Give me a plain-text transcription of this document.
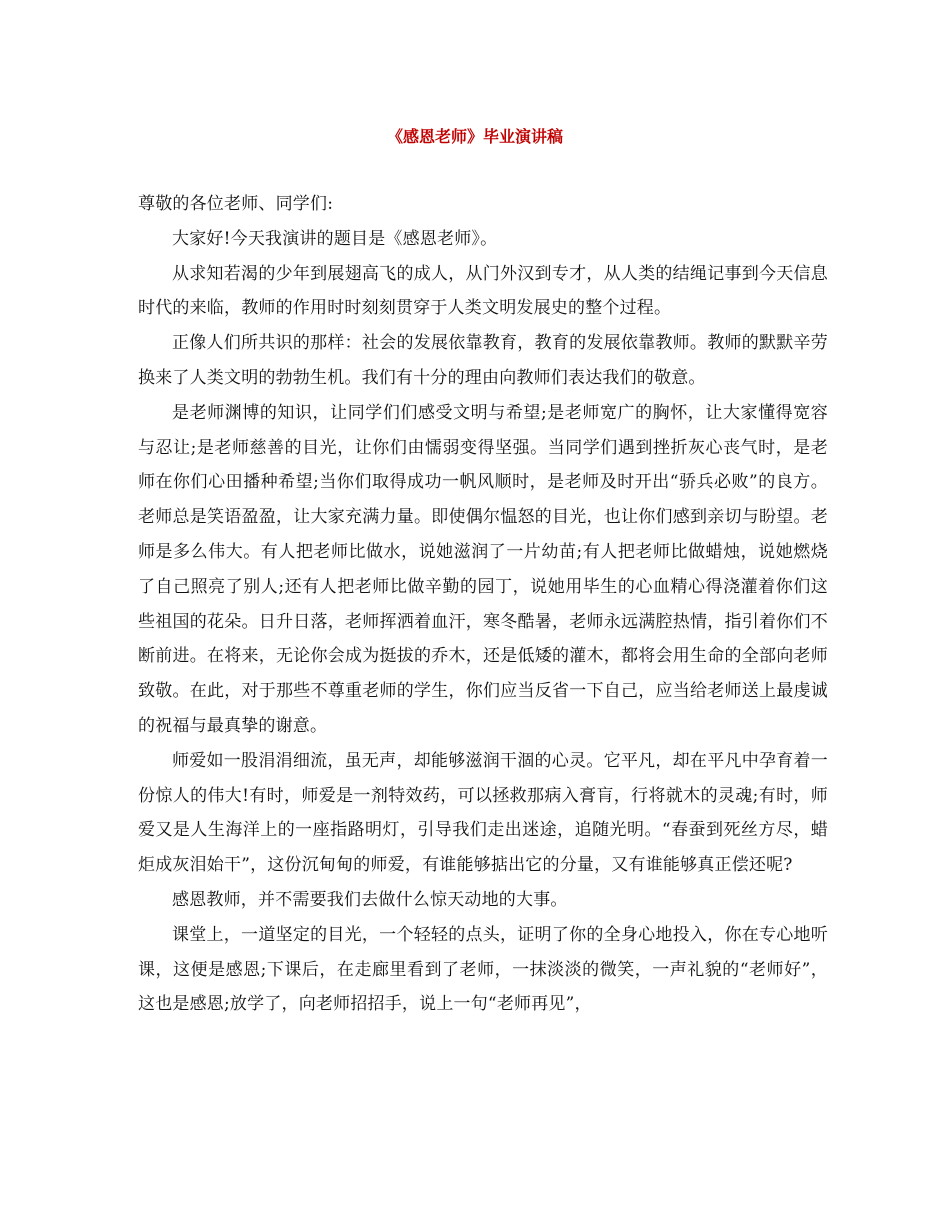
《感恩老师》毕业演讲稿

尊敬的各位老师、同学们:

大家好!今天我演讲的题目是《感恩老师》。

从求知若渴的少年到展翅高飞的成人，从门外汉到专才，从人类的结绳记事到今天信息时代的来临，教师的作用时时刻刻贯穿于人类文明发展史的整个过程。

正像人们所共识的那样：社会的发展依靠教育，教育的发展依靠教师。教师的默默辛劳换来了人类文明的勃勃生机。我们有十分的理由向教师们表达我们的敬意。

是老师渊博的知识，让同学们们感受文明与希望;是老师宽广的胸怀，让大家懂得宽容与忍让;是老师慈善的目光，让你们由懦弱变得坚强。当同学们遇到挫折灰心丧气时，是老师在你们心田播种希望;当你们取得成功一帆风顺时，是老师及时开出“骄兵必败”的良方。老师总是笑语盈盈，让大家充满力量。即使偶尔愠怒的目光，也让你们感到亲切与盼望。老师是多么伟大。有人把老师比做水，说她滋润了一片幼苗;有人把老师比做蜡烛，说她燃烧了自己照亮了别人;还有人把老师比做辛勤的园丁，说她用毕生的心血精心得浇灌着你们这些祖国的花朵。日升日落，老师挥洒着血汗，寒冬酷暑，老师永远满腔热情，指引着你们不断前进。在将来，无论你会成为挺拔的乔木，还是低矮的灌木，都将会用生命的全部向老师致敬。在此，对于那些不尊重老师的学生，你们应当反省一下自己，应当给老师送上最虔诚的祝福与最真挚的谢意。

师爱如一股涓涓细流，虽无声，却能够滋润干涸的心灵。它平凡，却在平凡中孕育着一份惊人的伟大!有时，师爱是一剂特效药，可以拯救那病入膏肓，行将就木的灵魂;有时，师爱又是人生海洋上的一座指路明灯，引导我们走出迷途，追随光明。“春蚕到死丝方尽，蜡炬成灰泪始干”，这份沉甸甸的师爱，有谁能够掂出它的分量，又有谁能够真正偿还呢?

感恩教师，并不需要我们去做什么惊天动地的大事。

课堂上，一道坚定的目光，一个轻轻的点头，证明了你的全身心地投入，你在专心地听课，这便是感恩;下课后，在走廊里看到了老师，一抹淡淡的微笑，一声礼貌的“老师好”，这也是感恩;放学了，向老师招招手，说上一句“老师再见”，
